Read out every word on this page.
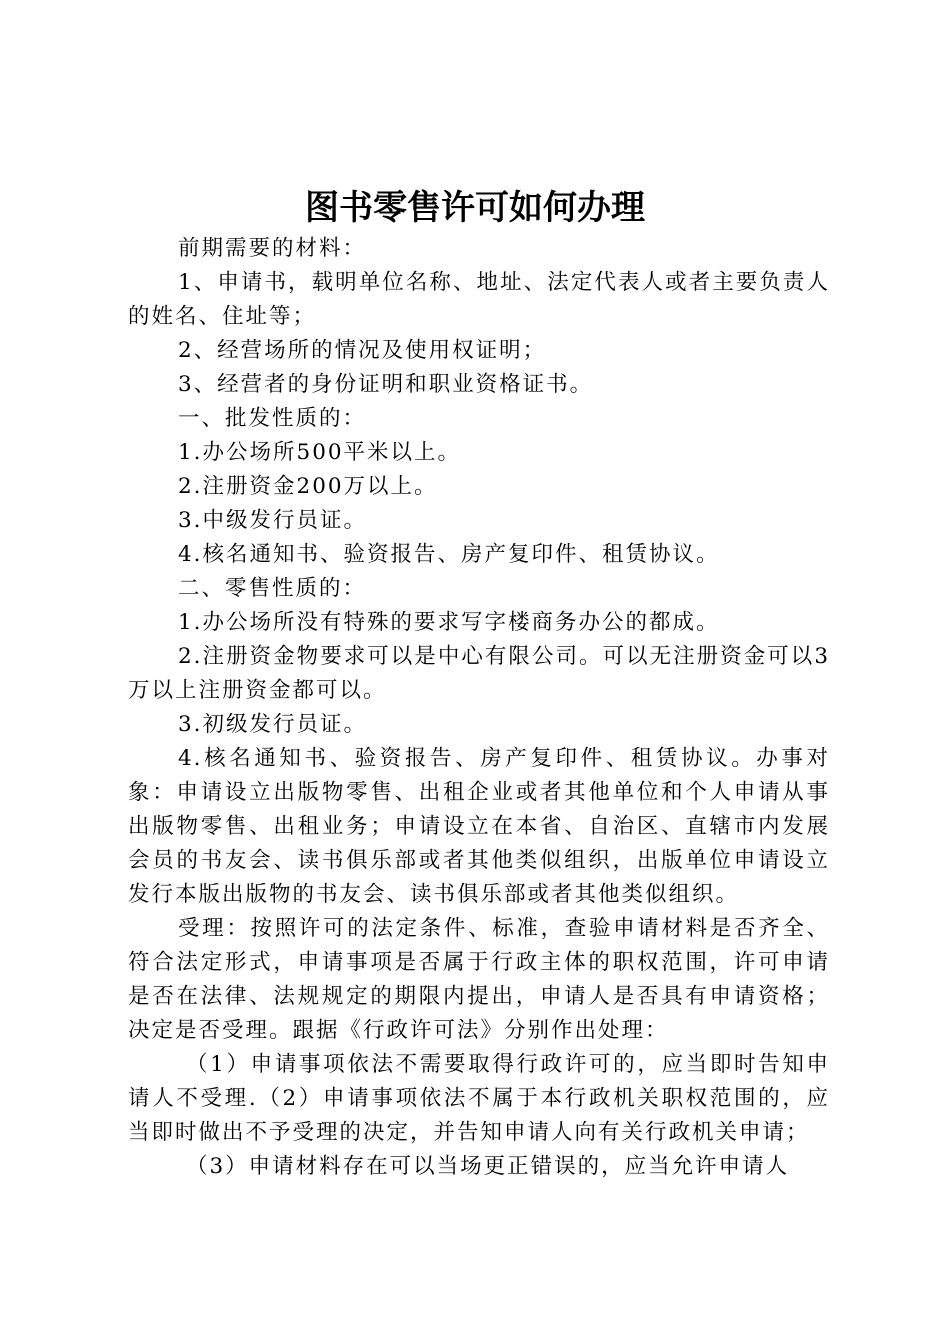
图书零售许可如何办理

前期需要的材料：

1、申请书，载明单位名称、地址、法定代表人或者主要负责人的姓名、住址等；

2、经营场所的情况及使用权证明；

3、经营者的身份证明和职业资格证书。

一、批发性质的：

1.办公场所500平米以上。

2.注册资金200万以上。

3.中级发行员证。

4.核名通知书、验资报告、房产复印件、租赁协议。

二、零售性质的：

1.办公场所没有特殊的要求写字楼商务办公的都成。

2.注册资金物要求可以是中心有限公司。可以无注册资金可以3万以上注册资金都可以。

3.初级发行员证。

4.核名通知书、验资报告、房产复印件、租赁协议。办事对象：申请设立出版物零售、出租企业或者其他单位和个人申请从事出版物零售、出租业务；申请设立在本省、自治区、直辖市内发展会员的书友会、读书俱乐部或者其他类似组织，出版单位申请设立发行本版出版物的书友会、读书俱乐部或者其他类似组织。

受理：按照许可的法定条件、标准，查验申请材料是否齐全、符合法定形式，申请事项是否属于行政主体的职权范围，许可申请是否在法律、法规规定的期限内提出，申请人是否具有申请资格；决定是否受理。跟据《行政许可法》分别作出处理：

（1）申请事项依法不需要取得行政许可的，应当即时告知申请人不受理.（2）申请事项依法不属于本行政机关职权范围的，应当即时做出不予受理的决定，并告知申请人向有关行政机关申请；

（3）申请材料存在可以当场更正错误的，应当允许申请人
